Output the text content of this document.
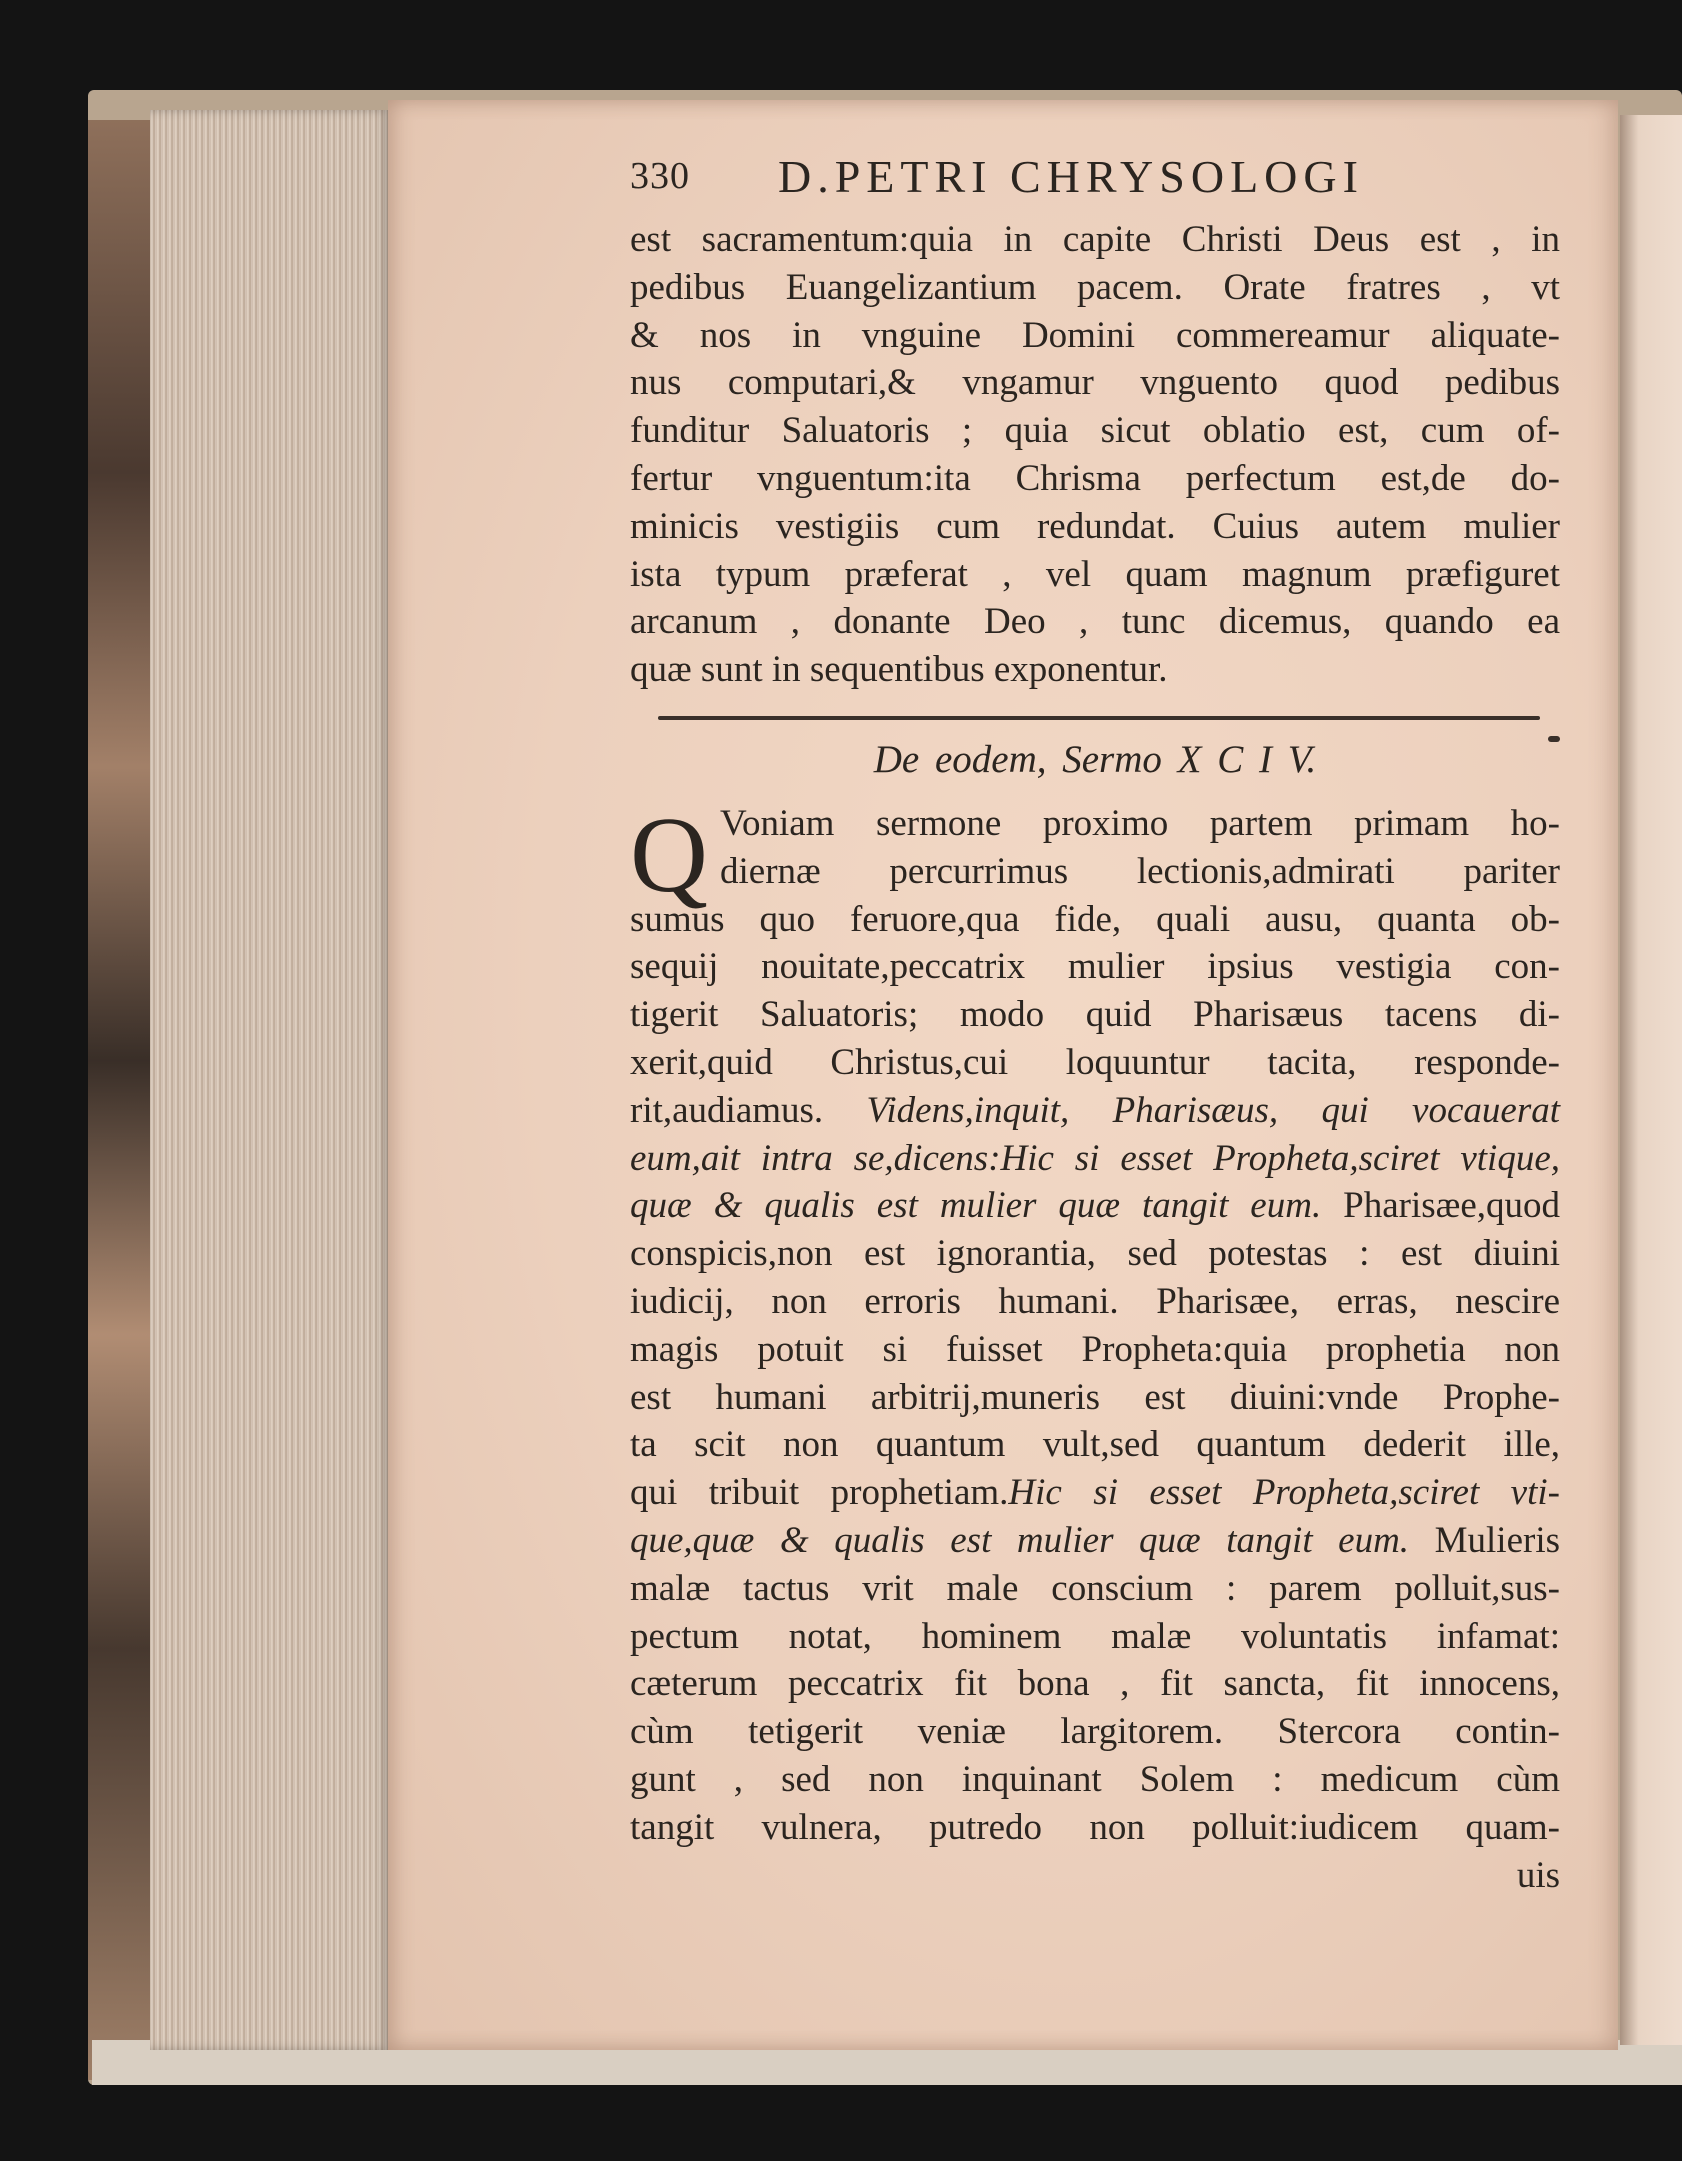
330 D.PETRI CHRYSOLOGI
est sacramentum:quia in capite Christi Deus est , in
pedibus Euangelizantium pacem. Orate fratres , vt
& nos in vnguine Domini commereamur aliquate-
nus computari,& vngamur vnguento quod pedibus
funditur Saluatoris ; quia sicut oblatio est, cum of-
fertur vnguentum:ita Chrisma perfectum est,de do-
minicis vestigiis cum redundat. Cuius autem mulier
ista typum præferat , vel quam magnum præfiguret
arcanum , donante Deo , tunc dicemus, quando ea
quæ sunt in sequentibus exponentur.
De eodem, Sermo X C I V.
Q Voniam sermone proximo partem primam ho-
diernæ percurrimus lectionis,admirati pariter
sumus quo feruore,qua fide, quali ausu, quanta ob-
sequij nouitate,peccatrix mulier ipsius vestigia con-
tigerit Saluatoris; modo quid Pharisæus tacens di-
xerit,quid Christus,cui loquuntur tacita, responde-
rit,audiamus. Videns,inquit, Pharisæus, qui vocauerat
eum,ait intra se,dicens:Hic si esset Propheta,sciret vtique,
quæ & qualis est mulier quæ tangit eum. Pharisæe,quod
conspicis,non est ignorantia, sed potestas : est diuini
iudicij, non erroris humani. Pharisæe, erras, nescire
magis potuit si fuisset Propheta:quia prophetia non
est humani arbitrij,muneris est diuini:vnde Prophe-
ta scit non quantum vult,sed quantum dederit ille,
qui tribuit prophetiam.Hic si esset Propheta,sciret vti-
que,quæ & qualis est mulier quæ tangit eum. Mulieris
malæ tactus vrit male conscium : parem polluit,sus-
pectum notat, hominem malæ voluntatis infamat:
cæterum peccatrix fit bona , fit sancta, fit innocens,
cùm tetigerit veniæ largitorem. Stercora contin-
gunt , sed non inquinant Solem : medicum cùm
tangit vulnera, putredo non polluit:iudicem quam-
uis
